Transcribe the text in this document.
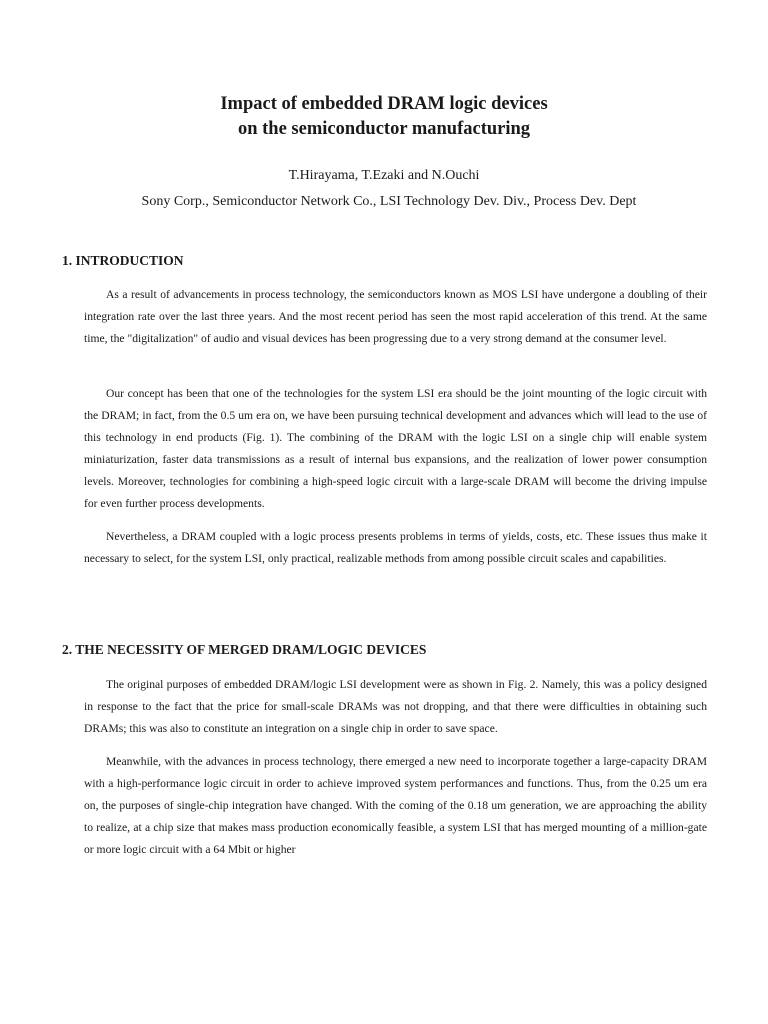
Impact of embedded DRAM logic devices
on the semiconductor manufacturing
T.Hirayama, T.Ezaki and N.Ouchi
Sony Corp., Semiconductor Network Co., LSI Technology Dev. Div., Process Dev. Dept
1. INTRODUCTION

As a result of advancements in process technology, the semiconductors known as MOS LSI have undergone a doubling of their integration rate over the last three years. And the most recent period has seen the most rapid acceleration of this trend. At the same time, the "digitalization" of audio and visual devices has been progressing due to a very strong demand at the consumer level.

Our concept has been that one of the technologies for the system LSI era should be the joint mounting of the logic circuit with the DRAM; in fact, from the 0.5 um era on, we have been pursuing technical development and advances which will lead to the use of this technology in end products (Fig. 1). The combining of the DRAM with the logic LSI on a single chip will enable system miniaturization, faster data transmissions as a result of internal bus expansions, and the realization of lower power consumption levels. Moreover, technologies for combining a high-speed logic circuit with a large-scale DRAM will become the driving impulse for even further process developments.

Nevertheless, a DRAM coupled with a logic process presents problems in terms of yields, costs, etc. These issues thus make it necessary to select, for the system LSI, only practical, realizable methods from among possible circuit scales and capabilities.

2. THE NECESSITY OF MERGED DRAM/LOGIC DEVICES

The original purposes of embedded DRAM/logic LSI development were as shown in Fig. 2. Namely, this was a policy designed in response to the fact that the price for small-scale DRAMs was not dropping, and that there were difficulties in obtaining such DRAMs; this was also to constitute an integration on a single chip in order to save space.

Meanwhile, with the advances in process technology, there emerged a new need to incorporate together a large-capacity DRAM with a high-performance logic circuit in order to achieve improved system performances and functions. Thus, from the 0.25 um era on, the purposes of single-chip integration have changed. With the coming of the 0.18 um generation, we are approaching the ability to realize, at a chip size that makes mass production economically feasible, a system LSI that has merged mounting of a million-gate or more logic circuit with a 64 Mbit or higher
